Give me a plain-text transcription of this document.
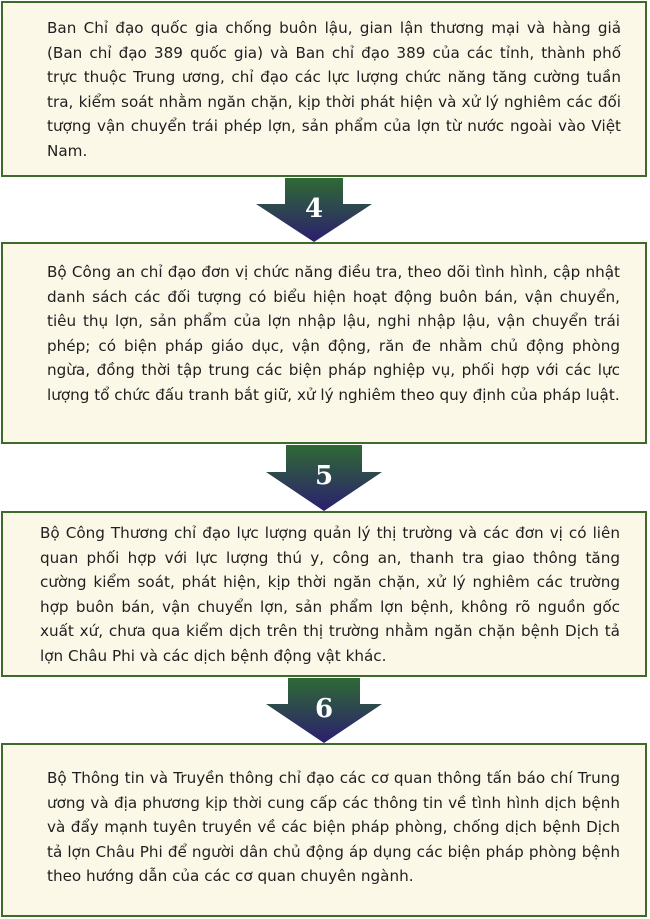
Ban Chỉ đạo quốc gia chống buôn lậu, gian lận thương mại và hàng giả (Ban chỉ đạo 389 quốc gia) và Ban chỉ đạo 389 của các tỉnh, thành phố trực thuộc Trung ương, chỉ đạo các lực lượng chức năng tăng cường tuần tra, kiểm soát nhằm ngăn chặn, kịp thời phát hiện và xử lý nghiêm các đối tượng vận chuyển trái phép lợn, sản phẩm của lợn từ nước ngoài vào Việt Nam.

4

Bộ Công an chỉ đạo đơn vị chức năng điều tra, theo dõi tình hình, cập nhật danh sách các đối tượng có biểu hiện hoạt động buôn bán, vận chuyển, tiêu thụ lợn, sản phẩm của lợn nhập lậu, nghi nhập lậu, vận chuyển trái phép; có biện pháp giáo dục, vận động, răn đe nhằm chủ động phòng ngừa, đồng thời tập trung các biện pháp nghiệp vụ, phối hợp với các lực lượng tổ chức đấu tranh bắt giữ, xử lý nghiêm theo quy định của pháp luật.

5

Bộ Công Thương chỉ đạo lực lượng quản lý thị trường và các đơn vị có liên quan phối hợp với lực lượng thú y, công an, thanh tra giao thông tăng cường kiểm soát, phát hiện, kịp thời ngăn chặn, xử lý nghiêm các trường hợp buôn bán, vận chuyển lợn, sản phẩm lợn bệnh, không rõ nguồn gốc xuất xứ, chưa qua kiểm dịch trên thị trường nhằm ngăn chặn bệnh Dịch tả lợn Châu Phi và các dịch bệnh động vật khác.

6

Bộ Thông tin và Truyền thông chỉ đạo các cơ quan thông tấn báo chí Trung ương và địa phương kịp thời cung cấp các thông tin về tình hình dịch bệnh và đẩy mạnh tuyên truyền về các biện pháp phòng, chống dịch bệnh Dịch tả lợn Châu Phi để người dân chủ động áp dụng các biện pháp phòng bệnh theo hướng dẫn của các cơ quan chuyên ngành.
